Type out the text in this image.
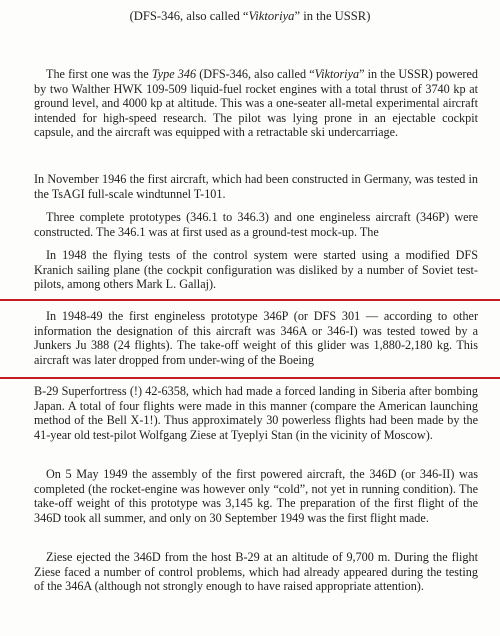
(DFS-346, also called “Viktoriya” in the USSR)

The first one was the Type 346 (DFS-346, also called “Viktoriya” in the USSR) powered by two Walther HWK 109-509 liquid-fuel rocket engines with a total thrust of 3740 kp at ground level, and 4000 kp at altitude. This was a one-seater all-metal experimental aircraft intended for high-speed research. The pilot was lying prone in an ejectable cockpit capsule, and the aircraft was equipped with a retractable ski undercarriage.

In November 1946 the first aircraft, which had been constructed in Germany, was tested in the TsAGI full-scale windtunnel T-101.

Three complete prototypes (346.1 to 346.3) and one engineless aircraft (346P) were constructed. The 346.1 was at first used as a ground-test mock-up. The

In 1948 the flying tests of the control system were started using a modified DFS Kranich sailing plane (the cockpit configuration was disliked by a number of Soviet test-pilots, among others Mark L. Gallaj).

In 1948-49 the first engineless prototype 346P (or DFS 301 — according to other information the designation of this aircraft was 346A or 346-I) was tested towed by a Junkers Ju 388 (24 flights). The take-off weight of this glider was 1,880-2,180 kg. This aircraft was later dropped from under-wing of the Boeing

B-29 Superfortress (!) 42-6358, which had made a forced landing in Siberia after bombing Japan. A total of four flights were made in this manner (compare the American launching method of the Bell X-1!). Thus approximately 30 powerless flights had been made by the 41-year old test-pilot Wolfgang Ziese at Tyeplyi Stan (in the vicinity of Moscow).

On 5 May 1949 the assembly of the first powered aircraft, the 346D (or 346-II) was completed (the rocket-engine was however only “cold”, not yet in running condition). The take-off weight of this prototype was 3,145 kg. The preparation of the first flight of the 346D took all summer, and only on 30 September 1949 was the first flight made.

Ziese ejected the 346D from the host B-29 at an altitude of 9,700 m. During the flight Ziese faced a number of control problems, which had already appeared during the testing of the 346A (although not strongly enough to have raised appropriate attention).
